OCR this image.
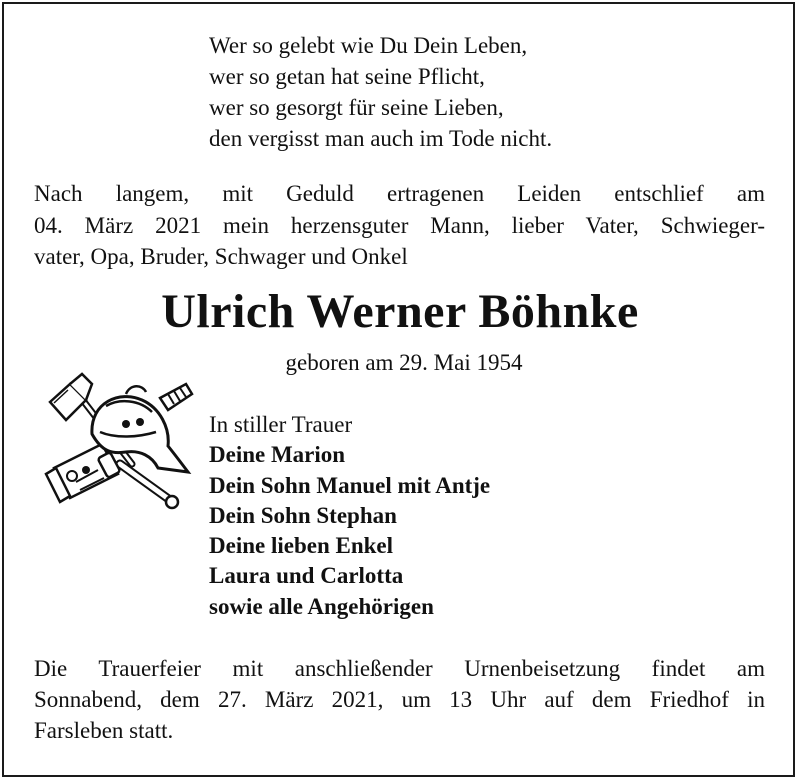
Wer so gelebt wie Du Dein Leben,
wer so getan hat seine Pflicht,
wer so gesorgt für seine Lieben,
den vergisst man auch im Tode nicht.
Nach langem, mit Geduld ertragenen Leiden entschlief am
04. März 2021 mein herzensguter Mann, lieber Vater, Schwieger-
vater, Opa, Bruder, Schwager und Onkel
Ulrich Werner Böhnke
geboren am 29. Mai 1954
In stiller Trauer
Deine Marion
Dein Sohn Manuel mit Antje
Dein Sohn Stephan
Deine lieben Enkel
Laura und Carlotta
sowie alle Angehörigen
Die Trauerfeier mit anschließender Urnenbeisetzung findet am
Sonnabend, dem 27. März 2021, um 13 Uhr auf dem Friedhof in
Farsleben statt.
